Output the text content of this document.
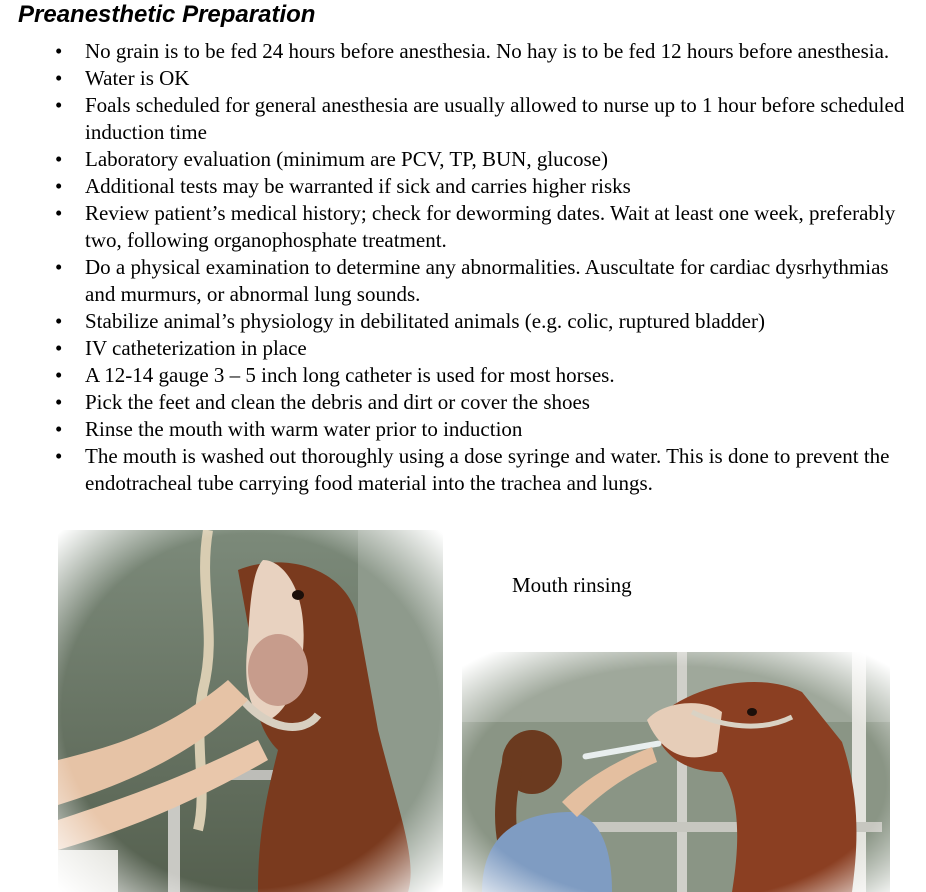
Preanesthetic Preparation
• No grain is to be fed 24 hours before anesthesia. No hay is to be fed 12 hours before anesthesia.
• Water is OK
• Foals scheduled for general anesthesia are usually allowed to nurse up to 1 hour before scheduled induction time
• Laboratory evaluation (minimum are PCV, TP, BUN, glucose)
• Additional tests may be warranted if sick and carries higher risks
• Review patient’s medical history; check for deworming dates. Wait at least one week, preferably two, following organophosphate treatment.
• Do a physical examination to determine any abnormalities. Auscultate for cardiac dysrhythmias and murmurs, or abnormal lung sounds.
• Stabilize animal’s physiology in debilitated animals (e.g. colic, ruptured bladder)
• IV catheterization in place
• A 12-14 gauge 3 – 5 inch long catheter is used for most horses.
• Pick the feet and clean the debris and dirt or cover the shoes
• Rinse the mouth with warm water prior to induction
• The mouth is washed out thoroughly using a dose syringe and water. This is done to prevent the endotracheal tube carrying food material into the trachea and lungs.
Mouth rinsing
